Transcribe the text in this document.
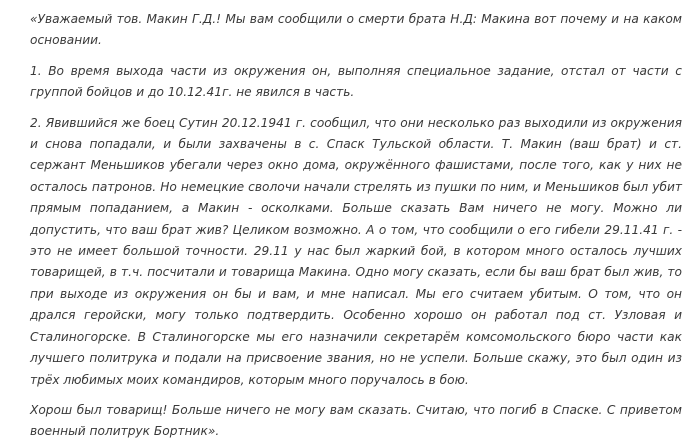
«Уважаемый тов. Макин Г.Д.! Мы вам сообщили о смерти брата Н.Д: Макина вот почему и на каком основании.

1. Во время выхода части из окружения он, выполняя специальное задание, отстал от части с группой бойцов и до 10.12.41г. не явился в часть.

2. Явившийся же боец Сутин 20.12.1941 г. сообщил, что они несколько раз выходили из окружения и снова попадали, и были захвачены в с. Спаск Тульской области. Т. Макин (ваш брат) и ст. сержант Меньшиков убегали через окно дома, окружённого фашистами, после того, как у них не осталось патронов. Но немецкие сволочи начали стрелять из пушки по ним, и Меньшиков был убит прямым попаданием, а Макин - осколками. Больше сказать Вам ничего не могу. Можно ли допустить, что ваш брат жив? Целиком возможно. А о том, что сообщили о его гибели 29.11.41 г. - это не имеет большой точности. 29.11 у нас был жаркий бой, в котором много осталось лучших товарищей, в т.ч. посчитали и товарища Макина. Одно могу сказать, если бы ваш брат был жив, то при выходе из окружения он бы и вам, и мне написал. Мы его считаем убитым. О том, что он дрался геройски, могу только подтвердить. Особенно хорошо он работал под ст. Узловая и Сталиногорске. В Сталиногорске мы его назначили секретарём комсомольского бюро части как лучшего политрука и подали на присвоение звания, но не успели. Больше скажу, это был один из трёх любимых моих командиров, которым много поручалось в бою.

Хорош был товарищ! Больше ничего не могу вам сказать. Считаю, что погиб в Спаске. С приветом военный политрук Бортник».
